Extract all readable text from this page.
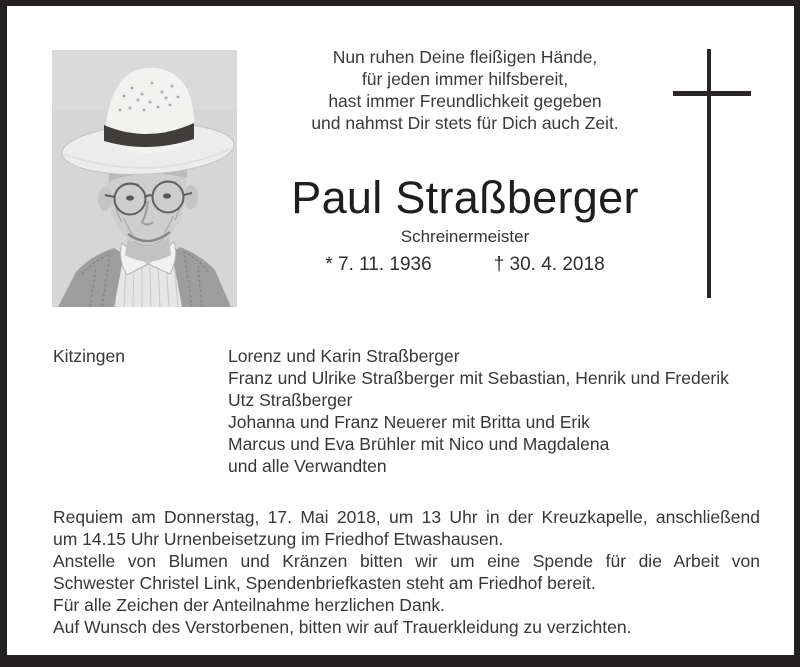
Nun ruhen Deine fleißigen Hände,
für jeden immer hilfsbereit,
hast immer Freundlichkeit gegeben
und nahmst Dir stets für Dich auch Zeit.
Paul Straßberger
Schreinermeister
* 7. 11. 1936	† 30. 4. 2018
Kitzingen	Lorenz und Karin Straßberger
Franz und Ulrike Straßberger mit Sebastian, Henrik und Frederik
Utz Straßberger
Johanna und Franz Neuerer mit Britta und Erik
Marcus und Eva Brühler mit Nico und Magdalena
und alle Verwandten
Requiem am Donnerstag, 17. Mai 2018, um 13 Uhr in der Kreuzkapelle, anschließend
um 14.15 Uhr Urnenbeisetzung im Friedhof Etwashausen.
Anstelle von Blumen und Kränzen bitten wir um eine Spende für die Arbeit von
Schwester Christel Link, Spendenbriefkasten steht am Friedhof bereit.
Für alle Zeichen der Anteilnahme herzlichen Dank.
Auf Wunsch des Verstorbenen, bitten wir auf Trauerkleidung zu verzichten.
